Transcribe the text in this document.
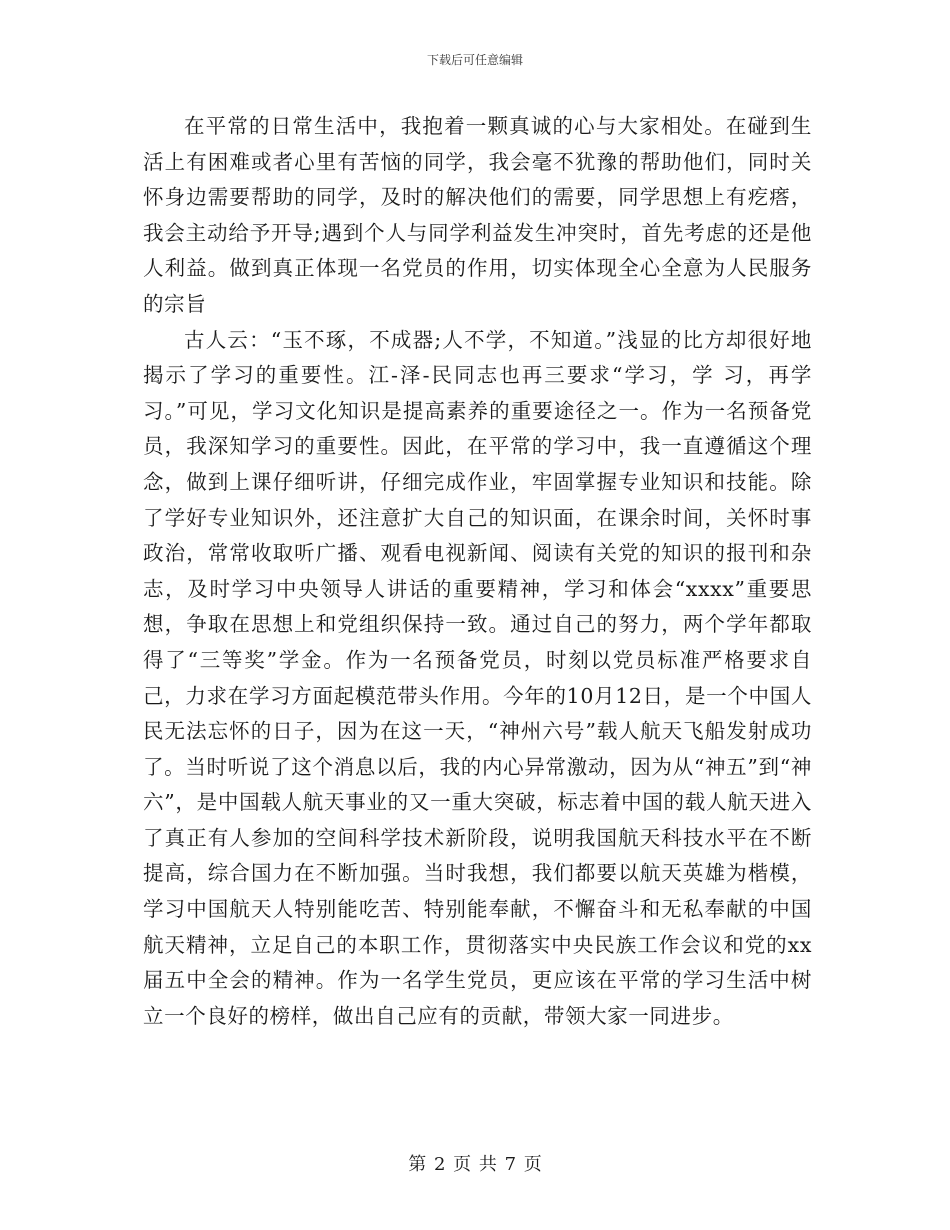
下载后可任意编辑

在平常的日常生活中，我抱着一颗真诚的心与大家相处。在碰到生活上有困难或者心里有苦恼的同学，我会毫不犹豫的帮助他们，同时关怀身边需要帮助的同学，及时的解决他们的需要，同学思想上有疙瘩，我会主动给予开导;遇到个人与同学利益发生冲突时，首先考虑的还是他人利益。做到真正体现一名党员的作用，切实体现全心全意为人民服务的宗旨

古人云：“玉不琢，不成器;人不学，不知道。”浅显的比方却很好地揭示了学习的重要性。江-泽-民同志也再三要求“学习，学 习，再学习。”可见，学习文化知识是提高素养的重要途径之一。作为一名预备党员，我深知学习的重要性。因此，在平常的学习中，我一直遵循这个理念，做到上课仔细听讲，仔细完成作业，牢固掌握专业知识和技能。除了学好专业知识外，还注意扩大自己的知识面，在课余时间，关怀时事政治，常常收取听广播、观看电视新闻、阅读有关党的知识的报刊和杂志，及时学习中央领导人讲话的重要精神，学习和体会“xxxx”重要思想，争取在思想上和党组织保持一致。通过自己的努力，两个学年都取得了“三等奖”学金。作为一名预备党员，时刻以党员标准严格要求自己，力求在学习方面起模范带头作用。今年的10月12日，是一个中国人民无法忘怀的日子，因为在这一天，“神州六号”载人航天飞船发射成功了。当时听说了这个消息以后，我的内心异常激动，因为从“神五”到“神六”，是中国载人航天事业的又一重大突破，标志着中国的载人航天进入了真正有人参加的空间科学技术新阶段，说明我国航天科技水平在不断提高，综合国力在不断加强。当时我想，我们都要以航天英雄为楷模，学习中国航天人特别能吃苦、特别能奉献，不懈奋斗和无私奉献的中国航天精神，立足自己的本职工作，贯彻落实中央民族工作会议和党的xx届五中全会的精神。作为一名学生党员，更应该在平常的学习生活中树立一个良好的榜样，做出自己应有的贡献，带领大家一同进步。

第 2 页 共 7 页
